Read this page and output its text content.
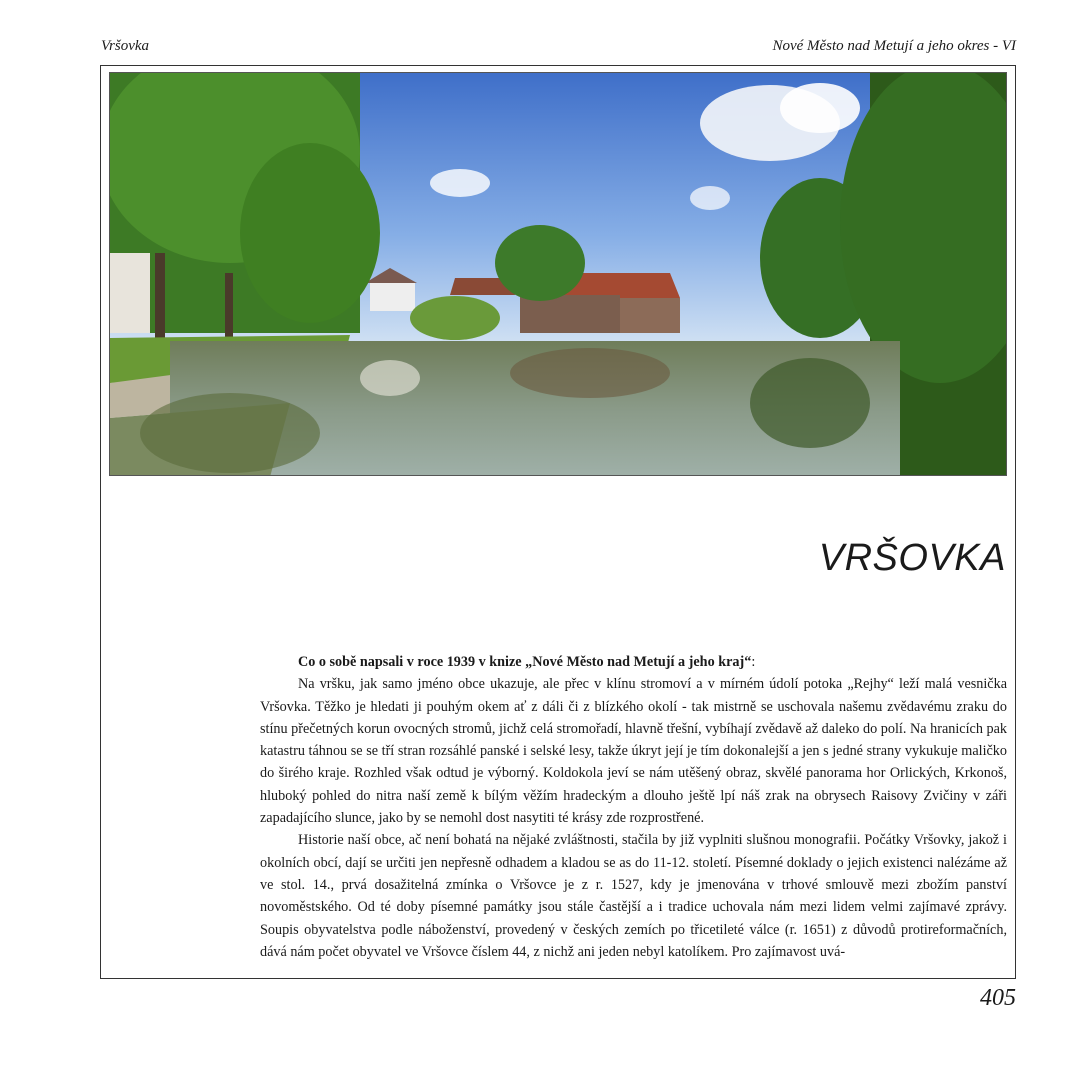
Vršovka	Nové Město nad Metují a jeho okres - VI
VRŠOVKA

Co o sobě napsali v roce 1939 v knize „Nové Město nad Metují a jeho kraj“:

Na vršku, jak samo jméno obce ukazuje, ale přec v klínu stromoví a v mírném údolí potoka „Rejhy“ leží malá vesnička Vršovka. Těžko je hledati ji pouhým okem ať z dáli či z blízkého okolí - tak mistrně se uschovala našemu zvědavému zraku do stínu přečetných korun ovocných stromů, jichž celá stromořadí, hlavně třešní, vybíhají zvědavě až daleko do polí. Na hranicích pak katastru táhnou se se tří stran rozsáhlé panské i selské lesy, takže úkryt její je tím dokonalejší a jen s jedné strany vykukuje maličko do širého kraje. Rozhled však odtud je výborný. Koldokola jeví se nám utěšený obraz, skvělé panorama hor Orlických, Krkonoš, hluboký pohled do nitra naší země k bílým věžím hradeckým a dlouho ještě lpí náš zrak na obrysech Raisovy Zvičiny v záři zapadajícího slunce, jako by se nemohl dost nasytiti té krásy zde rozprostřené.

Historie naší obce, ač není bohatá na nějaké zvláštnosti, stačila by již vyplniti slušnou monografii. Počátky Vršovky, jakož i okolních obcí, dají se určiti jen nepřesně odhadem a kladou se as do 11-12. století. Písemné doklady o jejich existenci nalézáme až ve stol. 14., prvá dosažitelná zmínka o Vršovce je z r. 1527, kdy je jmenována v trhové smlouvě mezi zbožím panství novoměstského. Od té doby písemné památky jsou stále častější a i tradice uchovala nám mezi lidem velmi zajímavé zprávy. Soupis obyvatelstva podle náboženství, provedený v českých zemích po třicetileté válce (r. 1651) z důvodů protireformačních, dává nám počet obyvatel ve Vršovce číslem 44, z nichž ani jeden nebyl katolíkem. Pro zajímavost uvá-

405
